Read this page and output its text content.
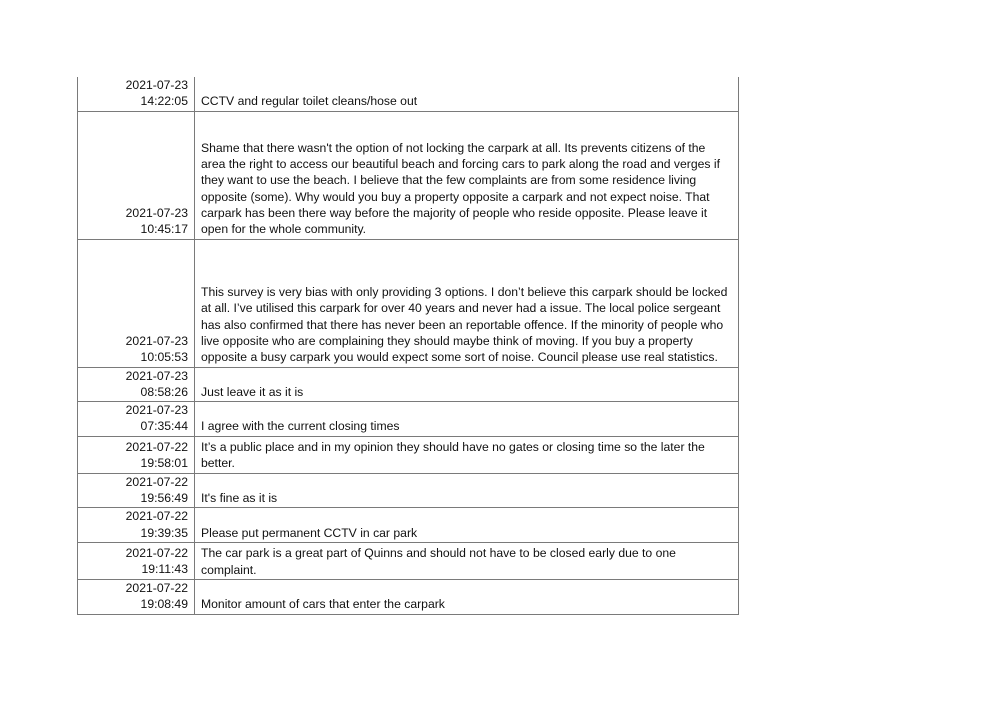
2021-07-23
14:22:05	CCTV and regular toilet cleans/hose out

2021-07-23
10:45:17	Shame that there wasn't the option of not locking the carpark at all. Its prevents citizens of the area the right to access our beautiful beach and forcing cars to park along the road and verges if they want to use the beach. I believe that the few complaints are from some residence living opposite (some). Why would you buy a property opposite a carpark and not expect noise. That carpark has been there way before the majority of people who reside opposite. Please leave it open for the whole community.

2021-07-23
10:05:53	This survey is very bias with only providing 3 options. I don’t believe this carpark should be locked at all. I’ve utilised this carpark for over 40 years and never had a issue. The local police sergeant has also confirmed that there has never been an reportable offence. If the minority of people who live opposite who are complaining they should maybe think of moving. If you buy a property opposite a busy carpark you would expect some sort of noise. Council please use real statistics.

2021-07-23
08:58:26	Just leave it as it is

2021-07-23
07:35:44	I agree with the current closing times

2021-07-22
19:58:01	It’s a public place and in my opinion they should have no gates or closing time so the later the better.

2021-07-22
19:56:49	It's fine as it is

2021-07-22
19:39:35	Please put permanent CCTV in car park

2021-07-22
19:11:43	The car park is a great part of Quinns and should not have to be closed early due to one complaint.

2021-07-22
19:08:49	Monitor amount of cars that enter the carpark
